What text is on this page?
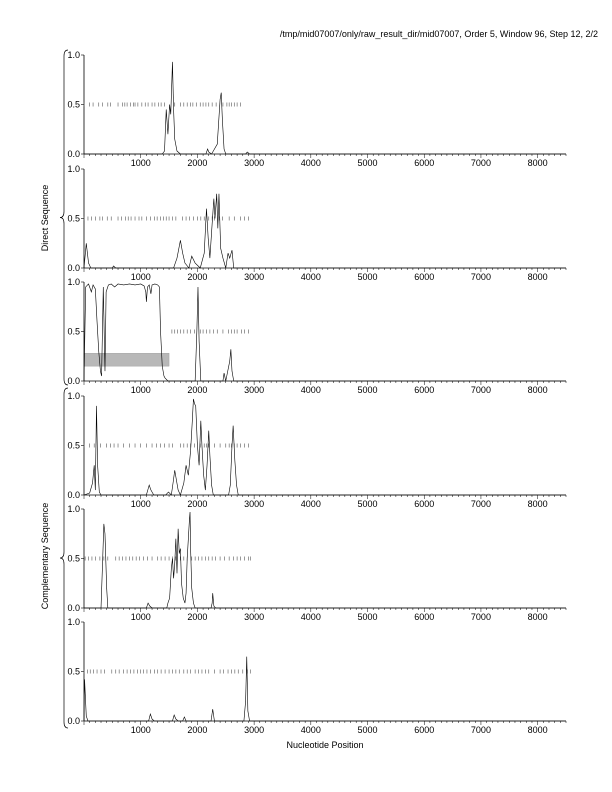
/tmp/mid07007/only/raw_result_dir/mid07007, Order 5, Window 96, Step 12, 2/2
0.0
0.5
1.0
1000	2000	3000	4000	5000	6000	7000	8000
0.0
0.5
1.0
1000	2000	3000	4000	5000	6000	7000	8000
0.0
0.5
1.0
1000	2000	3000	4000	5000	6000	7000	8000
0.0
0.5
1.0
1000	2000	3000	4000	5000	6000	7000	8000
0.0
0.5
1.0
1000	2000	3000	4000	5000	6000	7000	8000
0.0
0.5
1.0
1000	2000	3000	4000	5000	6000	7000	8000
Nucleotide Position
Direct Sequence
Complementary Sequence
